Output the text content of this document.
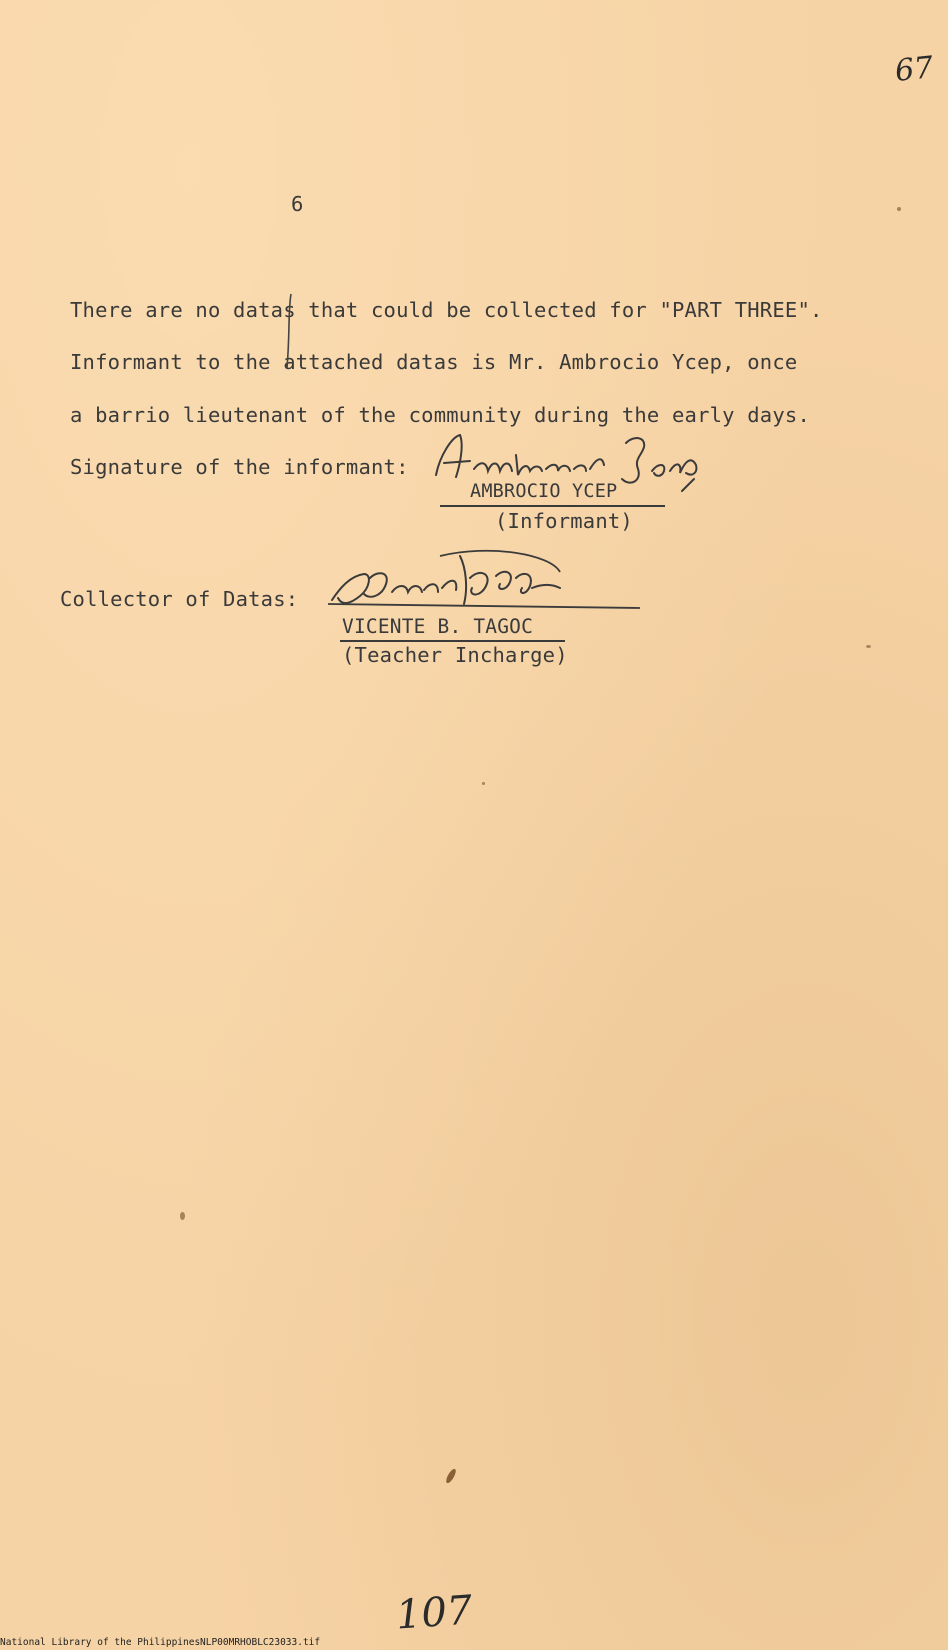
67
6
There are no datas that could be collected for "PART THREE".
Informant to the attached datas is Mr. Ambrocio Ycep, once
a barrio lieutenant of the community during the early days.
Signature of the informant:
AMBROCIO YCEP
(Informant)
Collector of Datas:
VICENTE B. TAGOC
(Teacher Incharge)
107
National Library of the Philippines NLP00MRHOBLC23033.tif
